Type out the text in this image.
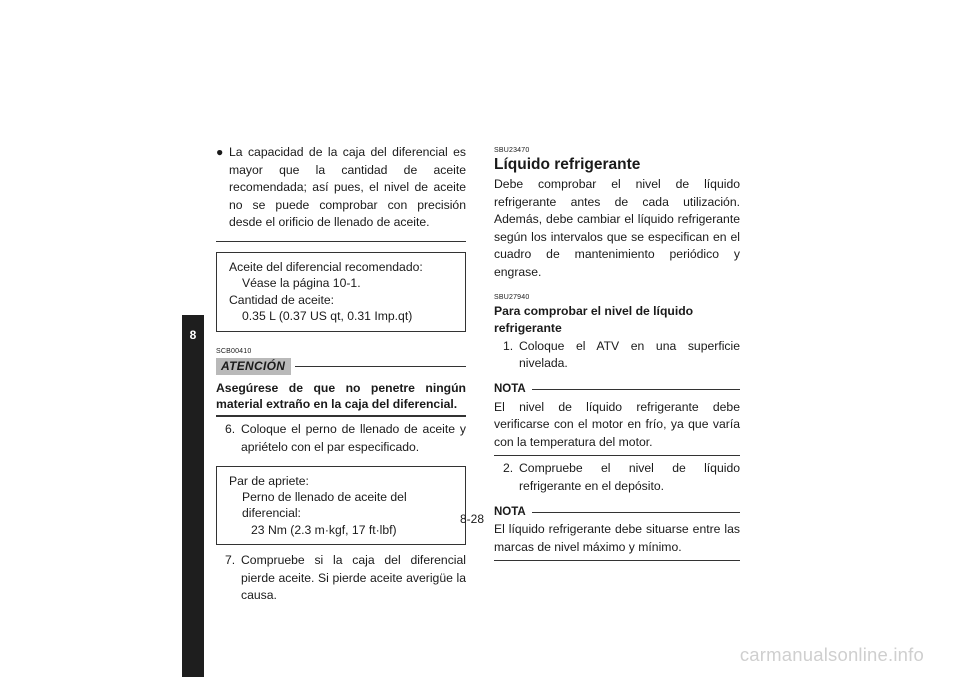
8
● La capacidad de la caja del diferencial es mayor que la cantidad de aceite recomendada; así pues, el nivel de aceite no se puede comprobar con precisión desde el orificio de llenado de aceite.
Aceite del diferencial recomendado:
Véase la página 10-1.
Cantidad de aceite:
0.35 L (0.37 US qt, 0.31 Imp.qt)
SCB00410
ATENCIÓN
Asegúrese de que no penetre ningún material extraño en la caja del diferencial.
6. Coloque el perno de llenado de aceite y apriételo con el par especificado.
Par de apriete:
Perno de llenado de aceite del diferencial:
23 Nm (2.3 m·kgf, 17 ft·lbf)
7. Compruebe si la caja del diferencial pierde aceite. Si pierde aceite averigüe la causa.
SBU23470
Líquido refrigerante
Debe comprobar el nivel de líquido refrigerante antes de cada utilización. Además, debe cambiar el líquido refrigerante según los intervalos que se especifican en el cuadro de mantenimiento periódico y engrase.
SBU27940
Para comprobar el nivel de líquido refrigerante
1. Coloque el ATV en una superficie nivelada.
NOTA
El nivel de líquido refrigerante debe verificarse con el motor en frío, ya que varía con la temperatura del motor.
2. Compruebe el nivel de líquido refrigerante en el depósito.
NOTA
El líquido refrigerante debe situarse entre las marcas de nivel máximo y mínimo.
8-28
carmanualsonline.info
